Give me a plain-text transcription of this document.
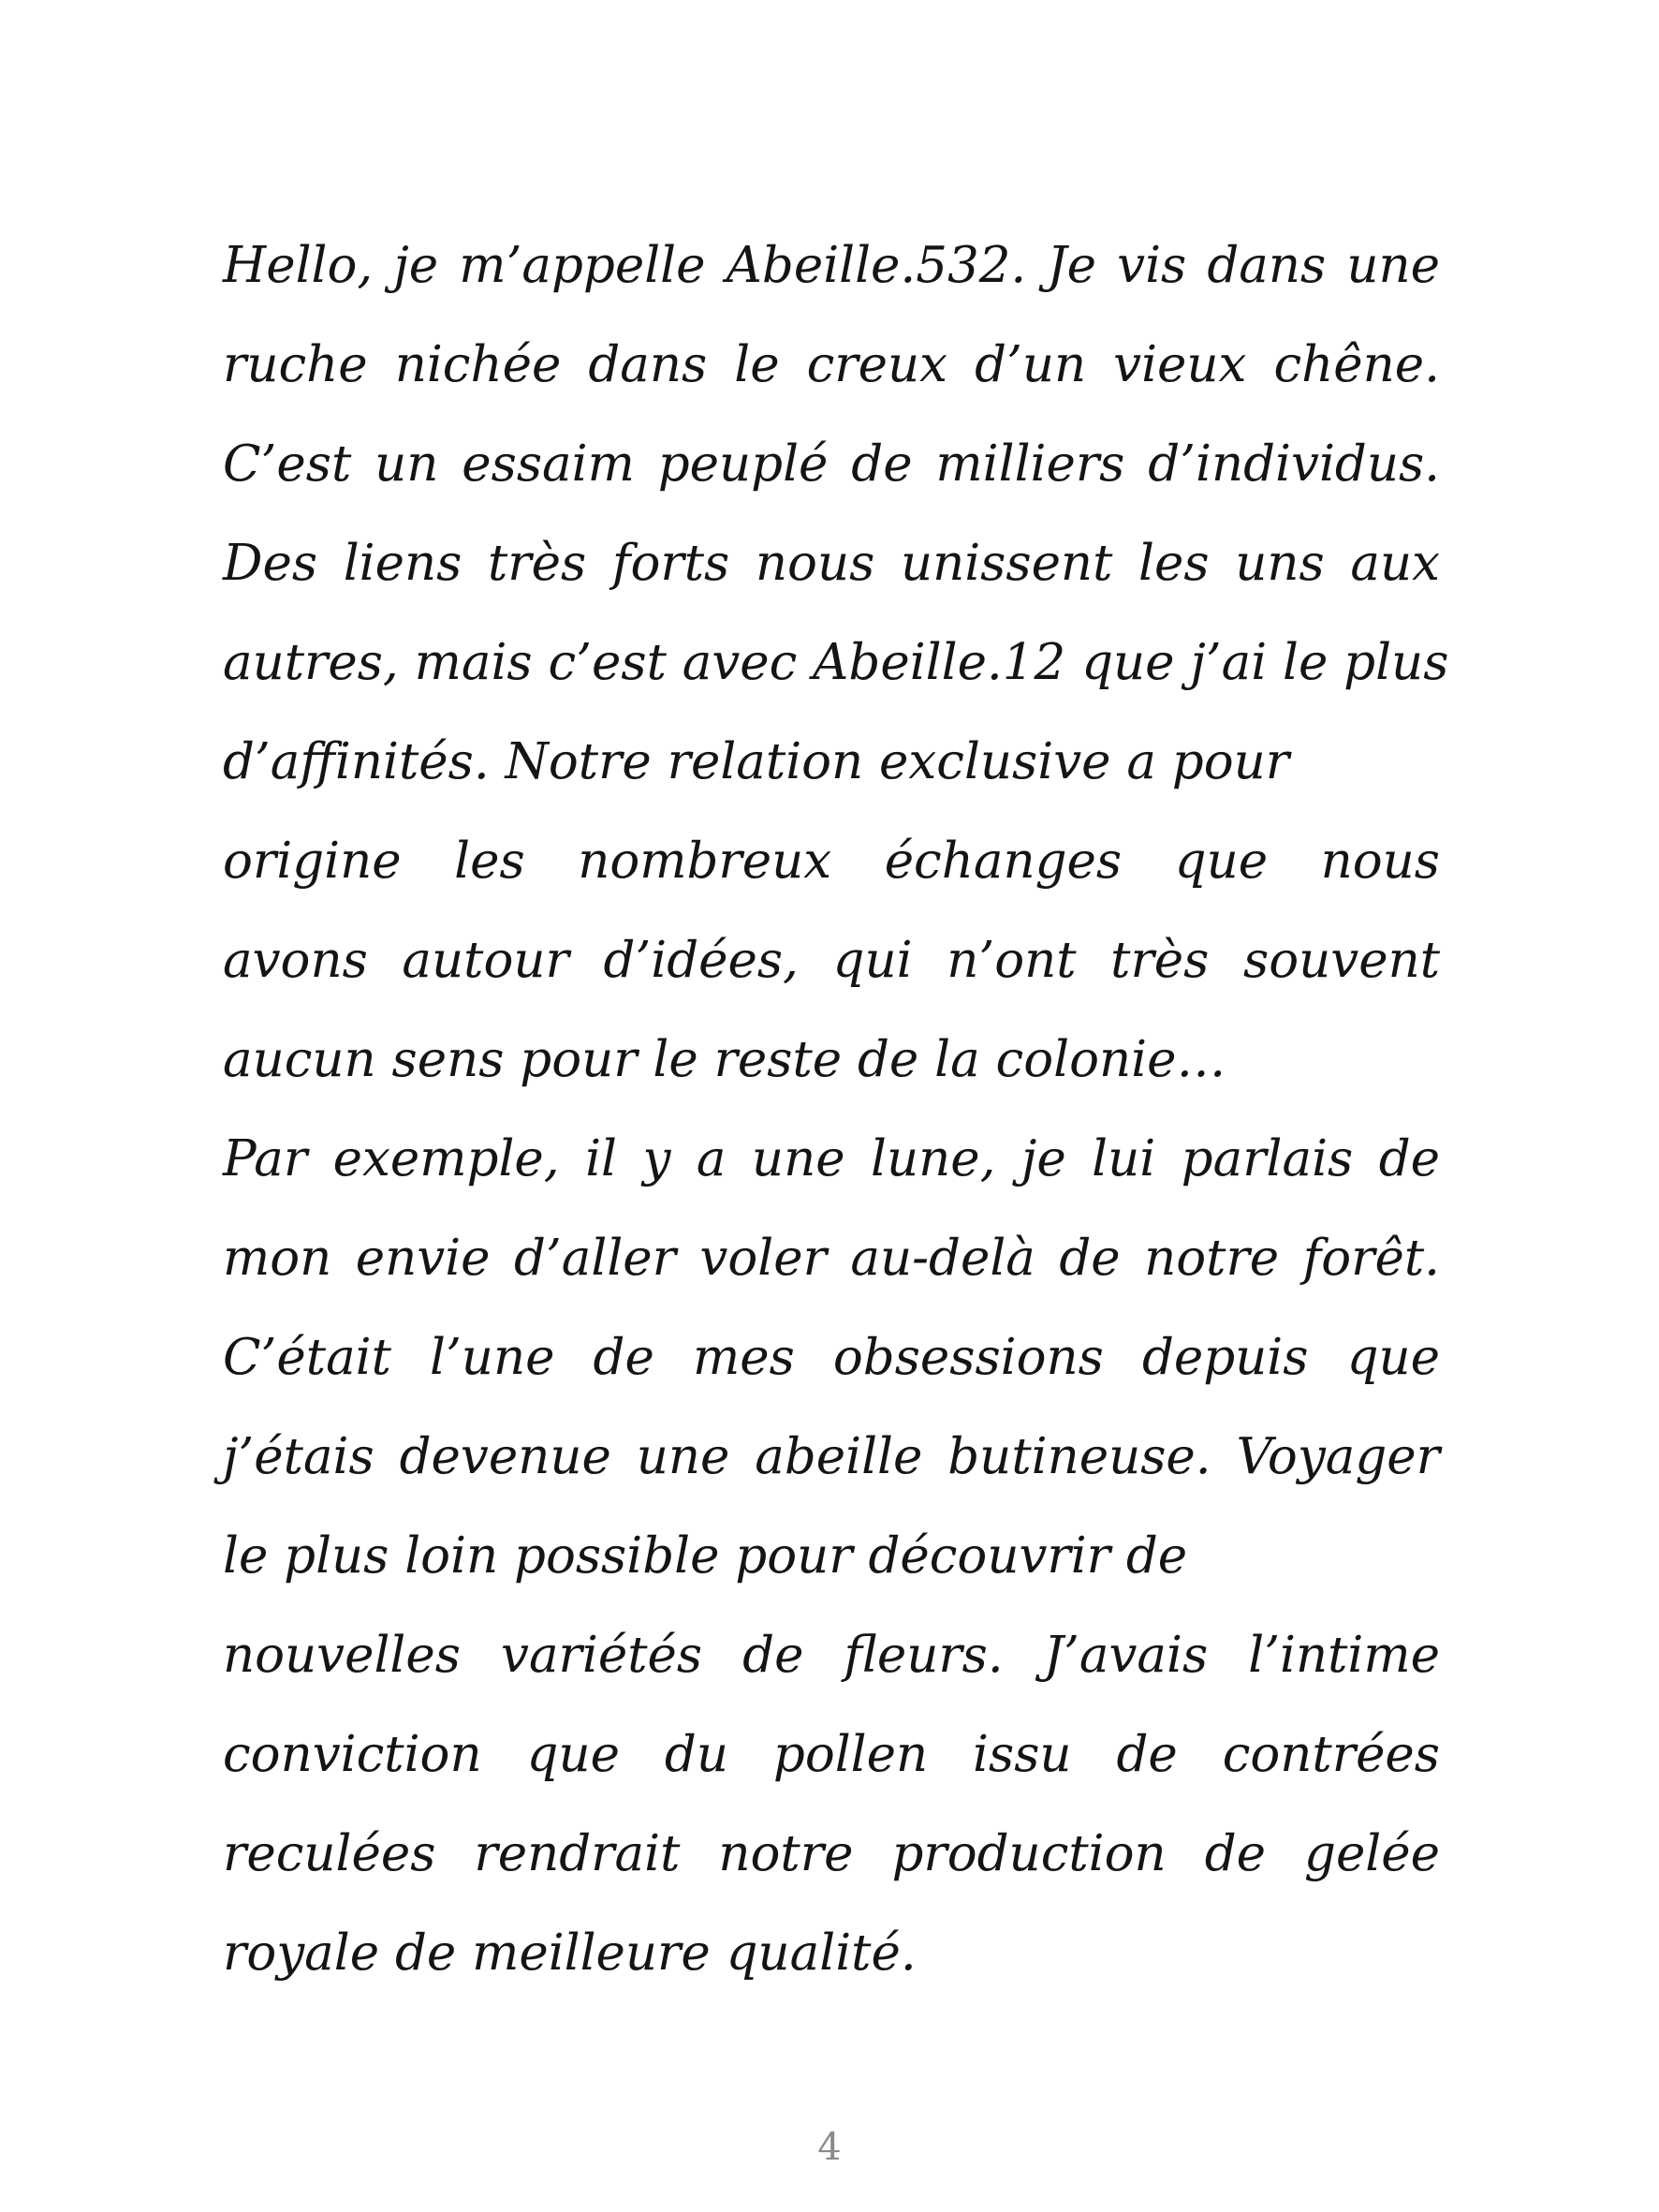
Hello, je m’appelle Abeille.532. Je vis dans une
ruche nichée dans le creux d’un vieux chêne.
C’est un essaim peuplé de milliers d’individus.
Des liens très forts nous unissent les uns aux
autres, mais c’est avec Abeille.12 que j’ai le plus
d’affinités. Notre relation exclusive a pour
origine les nombreux échanges que nous
avons autour d’idées, qui n’ont très souvent
aucun sens pour le reste de la colonie…
Par exemple, il y a une lune, je lui parlais de
mon envie d’aller voler au-delà de notre forêt.
C’était l’une de mes obsessions depuis que
j’étais devenue une abeille butineuse. Voyager
le plus loin possible pour découvrir de
nouvelles variétés de fleurs. J’avais l’intime
conviction que du pollen issu de contrées
reculées rendrait notre production de gelée
royale de meilleure qualité.
4
